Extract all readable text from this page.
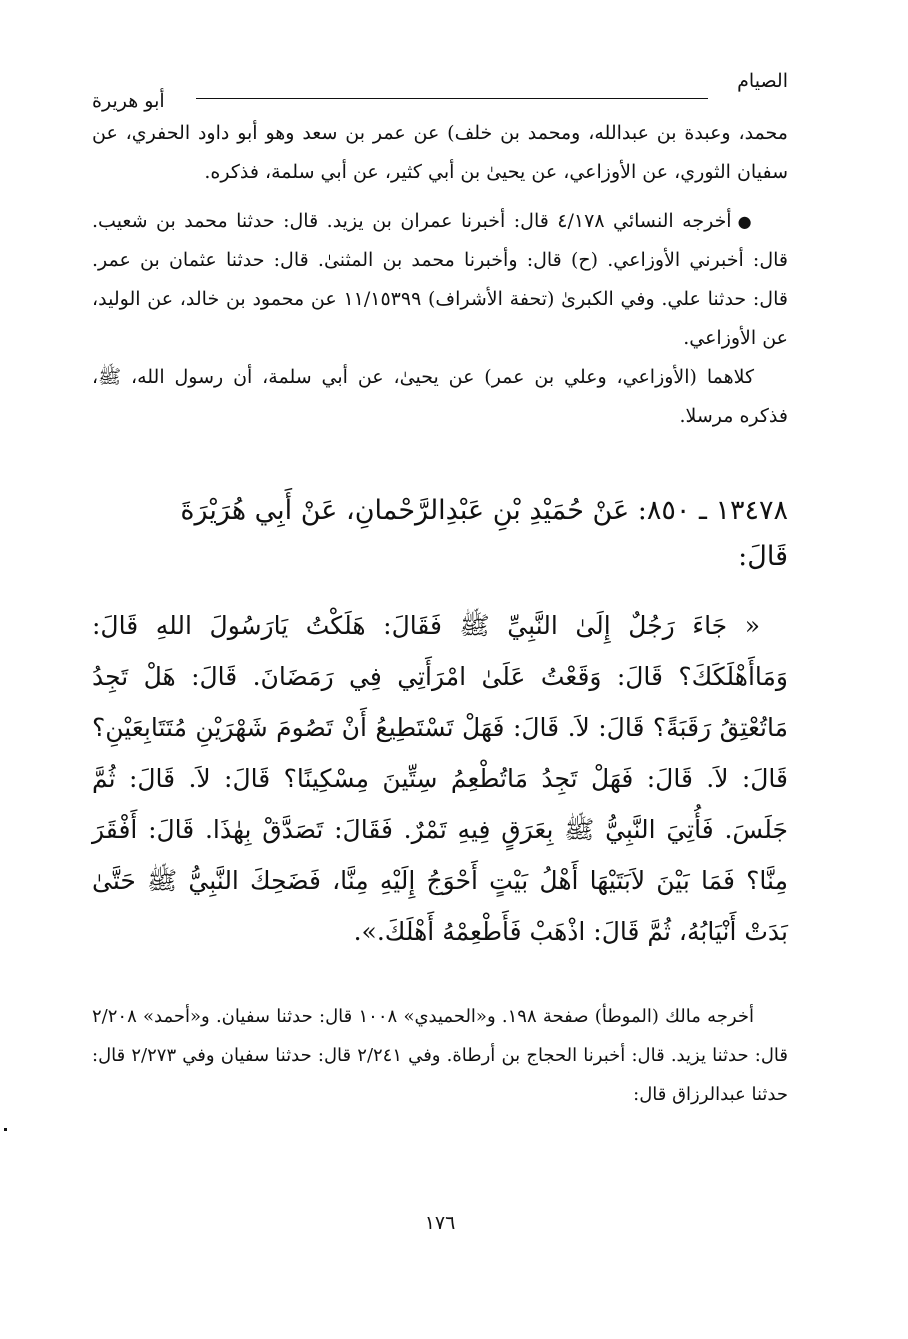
الصيام
أبو هريرة

محمد، وعبدة بن عبدالله، ومحمد بن خلف) عن عمر بن سعد وهو أبو داود الحفري، عن سفيان الثوري، عن الأوزاعي، عن يحيىٰ بن أبي كثير، عن أبي سلمة، فذكره.

●أخرجه النسائي ٤/١٧٨ قال: أخبرنا عمران بن يزيد. قال: حدثنا محمد بن شعيب. قال: أخبرني الأوزاعي. (ح) قال: وأخبرنا محمد بن المثنىٰ. قال: حدثنا عثمان بن عمر. قال: حدثنا علي. وفي الكبرىٰ (تحفة الأشراف) ١١/١٥٣٩٩ عن محمود بن خالد، عن الوليد، عن الأوزاعي.

كلاهما (الأوزاعي، وعلي بن عمر) عن يحيىٰ، عن أبي سلمة، أن رسول الله، ﷺ، فذكره مرسلا.

١٣٤٧٨ ـ ٨٥٠: عَنْ حُمَيْدِ بْنِ عَبْدِالرَّحْمانِ، عَنْ أَبِي هُرَيْرَةَ
قَالَ:

« جَاءَ رَجُلٌ إِلَىٰ النَّبِيِّ ﷺ فَقَالَ: هَلَكْتُ يَارَسُولَ اللهِ قَالَ: وَمَاأَهْلَكَكَ؟ قَالَ: وَقَعْتُ عَلَىٰ امْرَأَتِي فِي رَمَضَانَ. قَالَ: هَلْ تَجِدُ مَاتُعْتِقُ رَقَبَةً؟ قَالَ: لاَ. قَالَ: فَهَلْ تَسْتَطِيعُ أَنْ تَصُومَ شَهْرَيْنِ مُتَتَابِعَيْنِ؟ قَالَ: لاَ. قَالَ: فَهَلْ تَجِدُ مَاتُطْعِمُ سِتِّينَ مِسْكِينًا؟ قَالَ: لاَ. قَالَ: ثُمَّ جَلَسَ. فَأُتِيَ النَّبِيُّ ﷺ بِعَرَقٍ فِيهِ تَمْرٌ. فَقَالَ: تَصَدَّقْ بِهٰذَا. قَالَ: أَفْقَرَ مِنَّا؟ فَمَا بَيْنَ لاَبَتَيْهَا أَهْلُ بَيْتٍ أَحْوَجُ إِلَيْهِ مِنَّا، فَضَحِكَ النَّبِيُّ ﷺ حَتَّىٰ بَدَتْ أَنْيَابُهُ، ثُمَّ قَالَ: اذْهَبْ فَأَطْعِمْهُ أَهْلَكَ.».

أخرجه مالك (الموطأ) صفحة ١٩٨. و«الحميدي» ١٠٠٨ قال: حدثنا سفيان. و«أحمد» ٢/٢٠٨ قال: حدثنا يزيد. قال: أخبرنا الحجاج بن أرطاة. وفي ٢/٢٤١ قال: حدثنا سفيان وفي ٢/٢٧٣ قال: حدثنا عبدالرزاق قال:

١٧٦
